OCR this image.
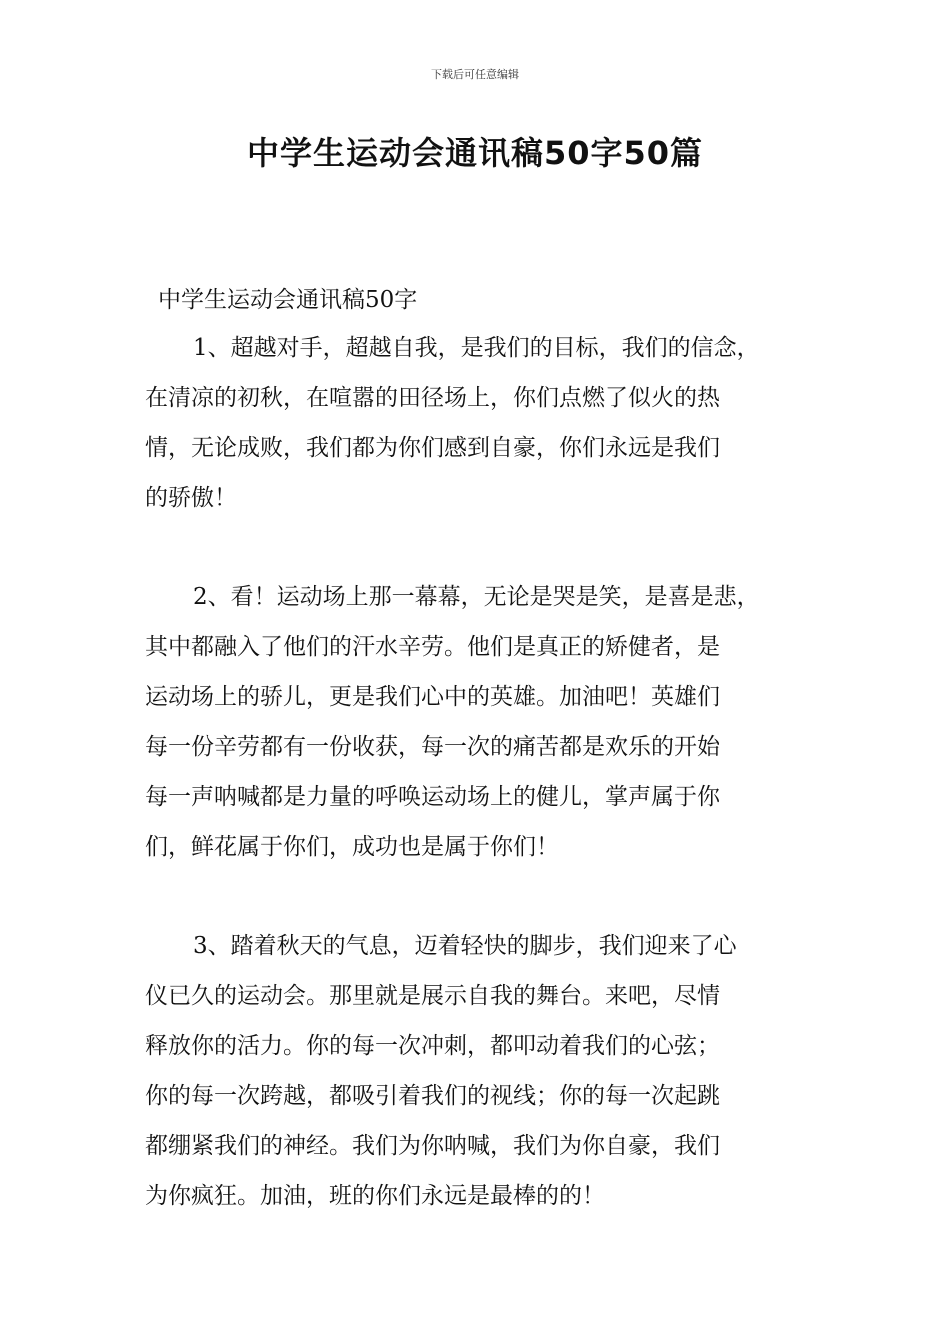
下载后可任意编辑
中学生运动会通讯稿50字50篇
中学生运动会通讯稿50字
1、超越对手，超越自我，是我们的目标，我们的信念，
在清凉的初秋，在喧嚣的田径场上，你们点燃了似火的热
情，无论成败，我们都为你们感到自豪，你们永远是我们
的骄傲！
2、看！运动场上那一幕幕，无论是哭是笑，是喜是悲，
其中都融入了他们的汗水辛劳。他们是真正的矫健者，是
运动场上的骄儿，更是我们心中的英雄。加油吧！英雄们
每一份辛劳都有一份收获，每一次的痛苦都是欢乐的开始
每一声呐喊都是力量的呼唤运动场上的健儿，掌声属于你
们，鲜花属于你们，成功也是属于你们！
3、踏着秋天的气息，迈着轻快的脚步，我们迎来了心
仪已久的运动会。那里就是展示自我的舞台。来吧，尽情
释放你的活力。你的每一次冲刺，都叩动着我们的心弦；
你的每一次跨越，都吸引着我们的视线；你的每一次起跳
都绷紧我们的神经。我们为你呐喊，我们为你自豪，我们
为你疯狂。加油，班的你们永远是最棒的的！
